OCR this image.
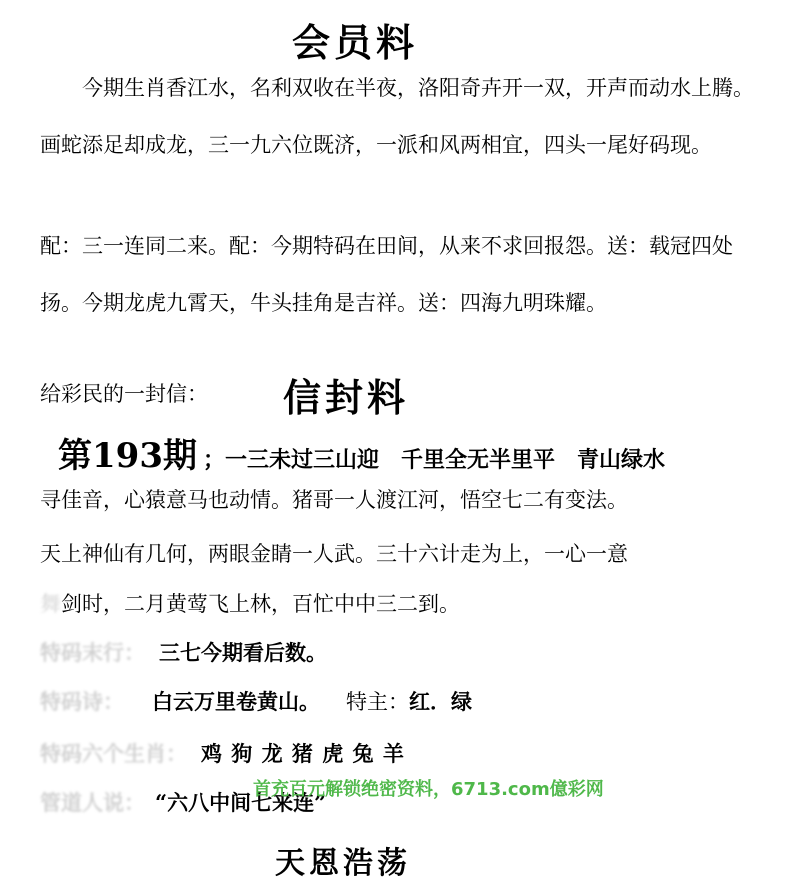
会员料
今期生肖香江水，名利双收在半夜，洛阳奇卉开一双，开声而动水上腾。画蛇添足却成龙，三一九六位既济，一派和风两相宜，四头一尾好码现。
配：三一连同二来。配：今期特码在田间，从来不求回报怨。送：载冠四处扬。今期龙虎九霄天，牛头挂角是吉祥。送：四海九明珠耀。
给彩民的一封信： 信封料
第193期 ；一三未过三山迎　千里全无半里平　青山绿水
寻佳音，心猿意马也动情。猪哥一人渡江河，悟空七二有变法。
天上神仙有几何，两眼金睛一人武。三十六计走为上，一心一意
舞剑时，二月黄莺飞上林，百忙中中三二到。
特码末行： 三七今期看后数。
特码诗： 白云万里卷黄山。 特主：红．绿
特码六个生肖： 鸡 狗 龙 猪 虎 兔 羊
管道人说： “六八中间七来连”
首充百元解锁绝密资料，6713.com億彩网
天恩浩荡
